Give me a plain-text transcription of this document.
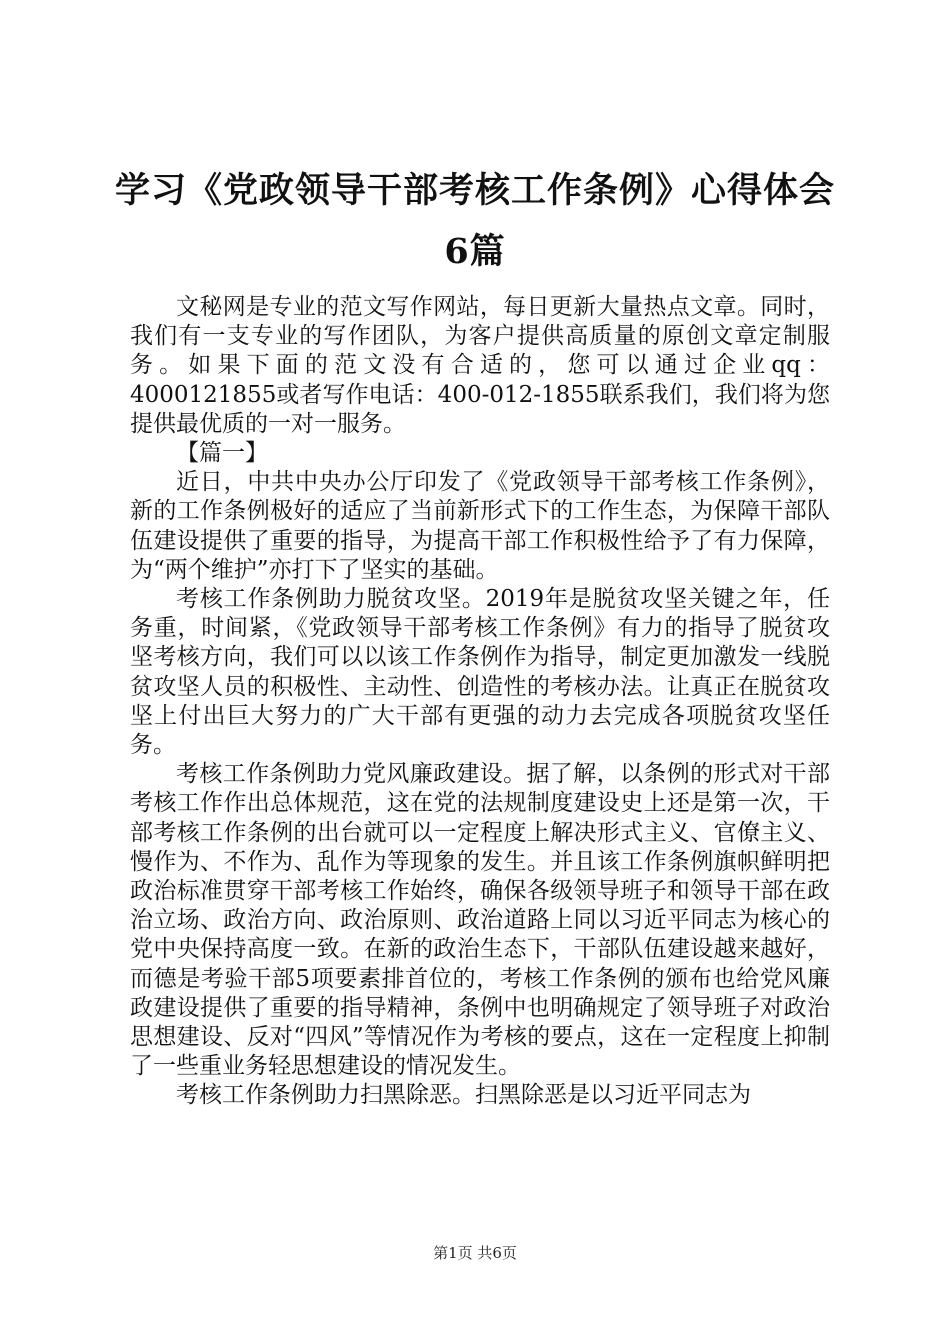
学习《党政领导干部考核工作条例》心得体会6篇

文秘网是专业的范文写作网站，每日更新大量热点文章。同时，我们有一支专业的写作团队，为客户提供高质量的原创文章定制服务。如果下面的范文没有合适的，您可以通过企业qq：4000121855或者写作电话：400-012-1855联系我们，我们将为您提供最优质的一对一服务。

【篇一】

近日，中共中央办公厅印发了《党政领导干部考核工作条例》，新的工作条例极好的适应了当前新形式下的工作生态，为保障干部队伍建设提供了重要的指导，为提高干部工作积极性给予了有力保障，为“两个维护”亦打下了坚实的基础。

考核工作条例助力脱贫攻坚。2019年是脱贫攻坚关键之年，任务重，时间紧，《党政领导干部考核工作条例》有力的指导了脱贫攻坚考核方向，我们可以以该工作条例作为指导，制定更加激发一线脱贫攻坚人员的积极性、主动性、创造性的考核办法。让真正在脱贫攻坚上付出巨大努力的广大干部有更强的动力去完成各项脱贫攻坚任务。

考核工作条例助力党风廉政建设。据了解，以条例的形式对干部考核工作作出总体规范，这在党的法规制度建设史上还是第一次，干部考核工作条例的出台就可以一定程度上解决形式主义、官僚主义、慢作为、不作为、乱作为等现象的发生。并且该工作条例旗帜鲜明把政治标准贯穿干部考核工作始终，确保各级领导班子和领导干部在政治立场、政治方向、政治原则、政治道路上同以习近平同志为核心的党中央保持高度一致。在新的政治生态下，干部队伍建设越来越好，而德是考验干部5项要素排首位的，考核工作条例的颁布也给党风廉政建设提供了重要的指导精神，条例中也明确规定了领导班子对政治思想建设、反对“四风”等情况作为考核的要点，这在一定程度上抑制了一些重业务轻思想建设的情况发生。

考核工作条例助力扫黑除恶。扫黑除恶是以习近平同志为

第1页 共6页
